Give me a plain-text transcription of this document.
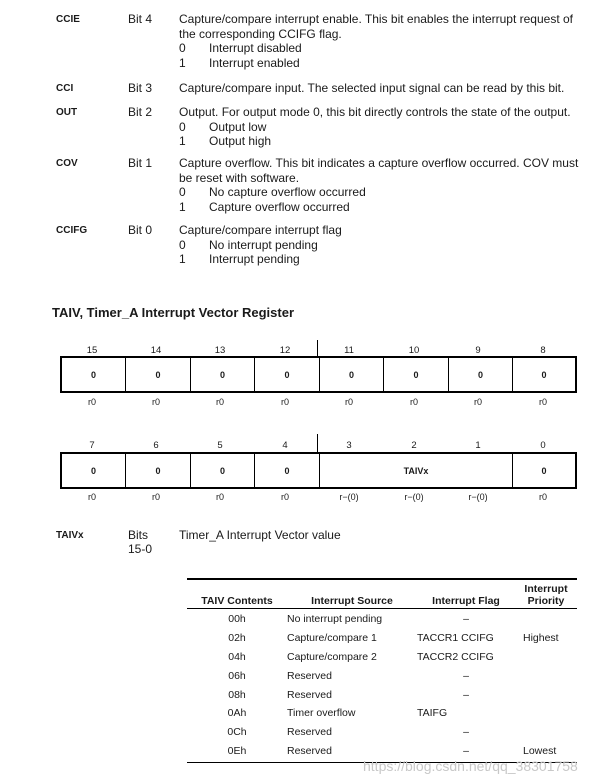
CCIE	Bit 4 Capture/compare interrupt enable. This bit enables the interrupt request of the corresponding CCIFG flag.
0 Interrupt disabled
1 Interrupt enabled
CCI	Bit 3 Capture/compare input. The selected input signal can be read by this bit.
OUT	Bit 2 Output. For output mode 0, this bit directly controls the state of the output.
0 Output low
1 Output high
COV	Bit 1 Capture overflow. This bit indicates a capture overflow occurred. COV must be reset with software.
0 No capture overflow occurred
1 Capture overflow occurred
CCIFG	Bit 0 Capture/compare interrupt flag
0 No interrupt pending
1 Interrupt pending
TAIV, Timer_A Interrupt Vector Register
15	14	13	12	11	10	9	8
0	0	0	0	0	0	0	0
r0	r0	r0	r0	r0	r0	r0	r0
7	6	5	4	3	2	1	0
0	0	0	0	TAIVx	0
r0	r0	r0	r0	r−(0)	r−(0)	r−(0)	r0
TAIVx	Bits
15-0
Timer_A Interrupt Vector value
TAIV Contents	Interrupt Source	Interrupt Flag	Interrupt Priority

00h	No interrupt pending	–	
02h	Capture/compare 1	TACCR1 CCIFG	Highest
04h	Capture/compare 2	TACCR2 CCIFG	
06h	Reserved	–	
08h	Reserved	–	
0Ah	Timer overflow	TAIFG	
0Ch	Reserved	–	
0Eh	Reserved	–	Lowest
https://blog.csdn.net/qq_38301758
